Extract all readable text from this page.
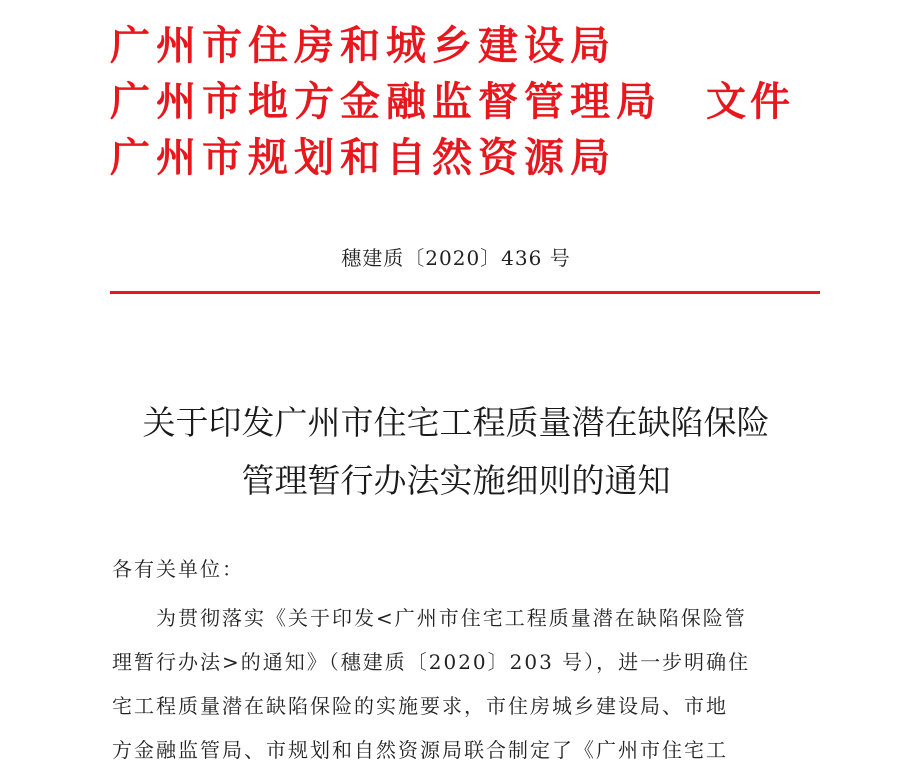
广州市住房和城乡建设局
广州市地方金融监督管理局 文件
广州市规划和自然资源局
穗建质〔2020〕436 号
关于印发广州市住宅工程质量潜在缺陷保险
管理暂行办法实施细则的通知
各有关单位：
为贯彻落实《关于印发<广州市住宅工程质量潜在缺陷保险管
理暂行办法>的通知》（穗建质〔2020〕203 号），进一步明确住
宅工程质量潜在缺陷保险的实施要求，市住房城乡建设局、市地
方金融监管局、市规划和自然资源局联合制定了《广州市住宅工
